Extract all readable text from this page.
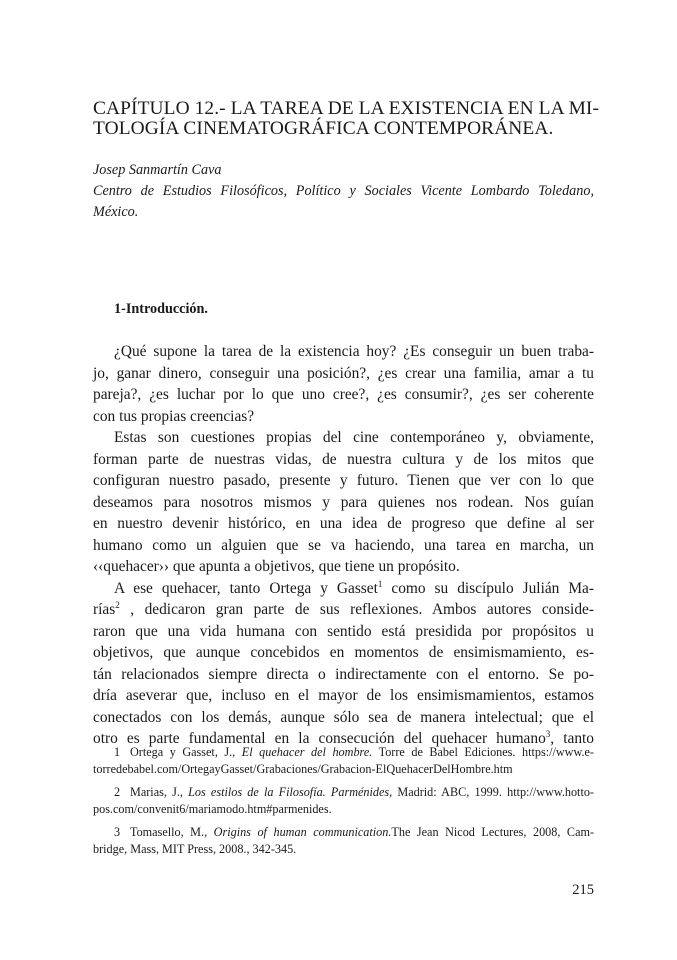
CAPÍTULO 12.- LA TAREA DE LA EXISTENCIA EN LA MI-
TOLOGÍA CINEMATOGRÁFICA CONTEMPORÁNEA.
Josep Sanmartín Cava
Centro de Estudios Filosóficos, Político y Sociales Vicente Lombardo Toledano,
México.
1-Introducción.
¿Qué supone la tarea de la existencia hoy? ¿Es conseguir un buen traba-
jo, ganar dinero, conseguir una posición?, ¿es crear una familia, amar a tu
pareja?, ¿es luchar por lo que uno cree?, ¿es consumir?, ¿es ser coherente
con tus propias creencias?
Estas son cuestiones propias del cine contemporáneo y, obviamente,
forman parte de nuestras vidas, de nuestra cultura y de los mitos que
configuran nuestro pasado, presente y futuro. Tienen que ver con lo que
deseamos para nosotros mismos y para quienes nos rodean. Nos guían
en nuestro devenir histórico, en una idea de progreso que define al ser
humano como un alguien que se va haciendo, una tarea en marcha, un
‹‹quehacer›› que apunta a objetivos, que tiene un propósito.
A ese quehacer, tanto Ortega y Gasset$^1$ como su discípulo Julián Ma-
rías$^2$ , dedicaron gran parte de sus reflexiones. Ambos autores conside-
raron que una vida humana con sentido está presidida por propósitos u
objetivos, que aunque concebidos en momentos de ensimismamiento, es-
tán relacionados siempre directa o indirectamente con el entorno. Se po-
dría aseverar que, incluso en el mayor de los ensimismamientos, estamos
conectados con los demás, aunque sólo sea de manera intelectual; que el
otro es parte fundamental en la consecución del quehacer humano$^3$, tanto
1 Ortega y Gasset, J., El quehacer del hombre. Torre de Babel Ediciones. https://www.e-
torredebabel.com/OrtegayGasset/Grabaciones/Grabacion-ElQuehacerDelHombre.htm
2 Marias, J., Los estilos de la Filosofía. Parménides, Madrid: ABC, 1999. http://www.hotto-
pos.com/convenit6/mariamodo.htm#parmenides.
3 Tomasello, M., Origins of human communication.The Jean Nicod Lectures, 2008, Cam-
bridge, Mass, MIT Press, 2008., 342-345.
215
